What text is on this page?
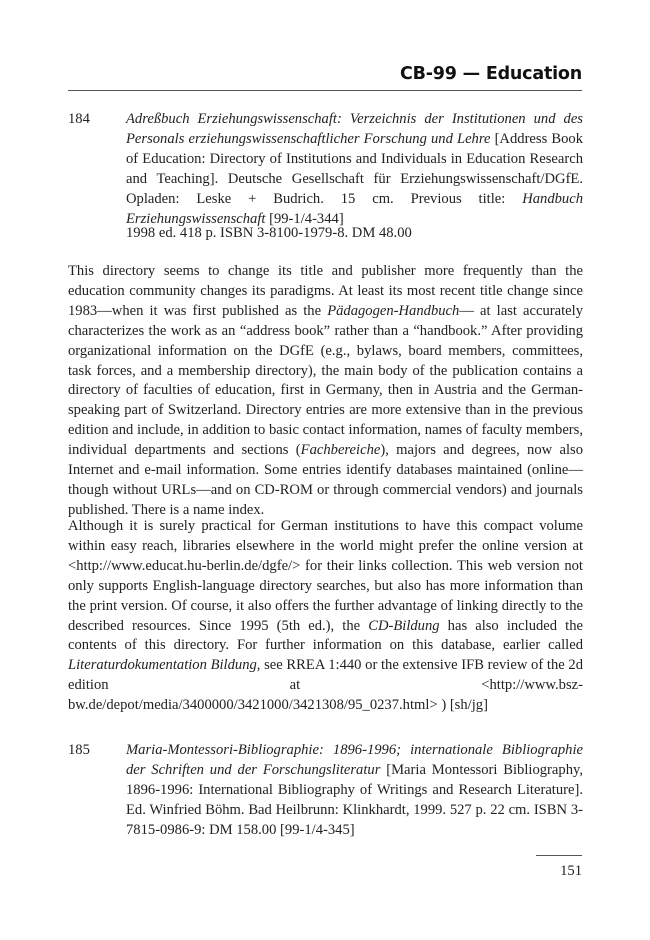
CB-99 — Education
184 Adreßbuch Erziehungswissenschaft: Verzeichnis der Institutionen und des Personals erziehungswissenschaftlicher Forschung und Lehre [Address Book of Education: Directory of Institutions and Individuals in Education Research and Teaching]. Deutsche Gesellschaft für Erziehungswissenschaft/DGfE. Opladen: Leske + Budrich. 15 cm. Previous title: Handbuch Erziehungswissenschaft [99-1/4-344]
1998 ed. 418 p. ISBN 3-8100-1979-8. DM 48.00
This directory seems to change its title and publisher more frequently than the education community changes its paradigms. At least its most recent title change since 1983—when it was first published as the Pädagogen-Handbuch— at last accurately characterizes the work as an “address book” rather than a “handbook.” After providing organizational information on the DGfE (e.g., bylaws, board members, committees, task forces, and a membership directory), the main body of the publication contains a directory of faculties of education, first in Germany, then in Austria and the German-speaking part of Switzerland. Directory entries are more extensive than in the previous edition and include, in addition to basic contact information, names of faculty members, individual departments and sections (Fachbereiche), majors and degrees, now also Internet and e-mail information. Some entries identify databases maintained (online—though without URLs—and on CD-ROM or through commercial vendors) and journals published. There is a name index.
Although it is surely practical for German institutions to have this compact volume within easy reach, libraries elsewhere in the world might prefer the online version at <http://www.educat.hu-berlin.de/dgfe/> for their links collection. This web version not only supports English-language directory searches, but also has more information than the print version. Of course, it also offers the further advantage of linking directly to the described resources. Since 1995 (5th ed.), the CD-Bildung has also included the contents of this directory. For further information on this database, earlier called Literaturdokumentation Bildung, see RREA 1:440 or the extensive IFB review of the 2d edition at <http://www.bsz-bw.de/depot/media/3400000/3421000/3421308/95_0237.html> ) [sh/jg]
185 Maria-Montessori-Bibliographie: 1896-1996; internationale Bibliographie der Schriften und der Forschungsliteratur [Maria Montessori Bibliography, 1896-1996: International Bibliography of Writings and Research Literature]. Ed. Winfried Böhm. Bad Heilbrunn: Klinkhardt, 1999. 527 p. 22 cm. ISBN 3-7815-0986-9: DM 158.00 [99-1/4-345]
151
